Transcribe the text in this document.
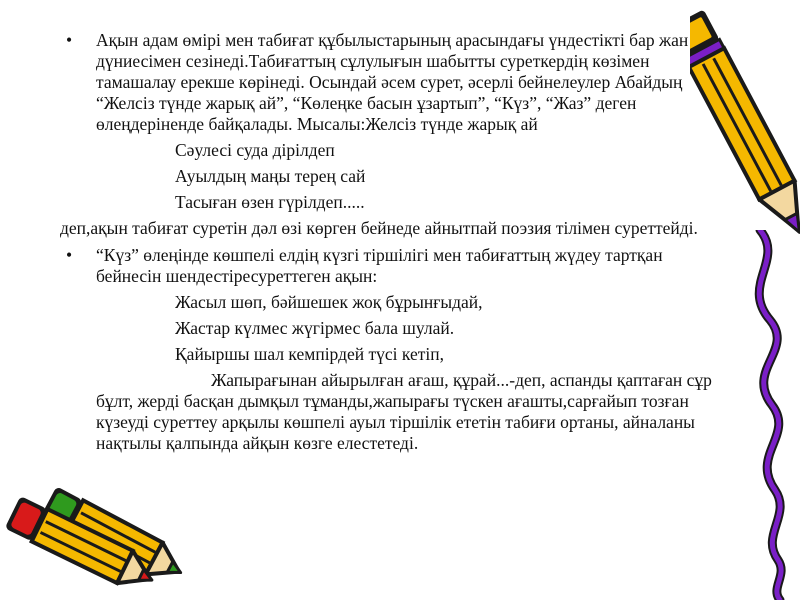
• Ақын адам өмірі мен табиғат құбылыстарының арасындағы үндестікті бар жан дүниесімен сезінеді.Табиғаттың сұлулығын шабытты суреткердің көзімен тамашалау ерекше көрінеді. Осындай әсем сурет, әсерлі бейнелеулер Абайдың “Желсіз түнде жарық ай”, “Көлеңке басын ұзартып”, “Күз”, “Жаз” деген өлеңдеріненде байқалады. Мысалы:Желсіз түнде жарық ай

Сәулесі суда дірілдеп

Ауылдың маңы терең сай

Тасыған өзен гүрілдеп.....

деп,ақын табиғат суретін дәл өзі көрген бейнеде айнытпай поэзия тілімен суреттейді.

• “Күз” өлеңінде көшпелі елдің күзгі тіршілігі мен табиғаттың жүдеу тартқан бейнесін шендестіресуреттеген ақын:

Жасыл шөп, бәйшешек жоқ бұрынғыдай,

Жастар күлмес жүгірмес бала шулай.

Қайыршы шал кемпірдей түсі кетіп,

Жапырағынан айырылған ағаш, құрай...-деп, аспанды қаптаған сұр бұлт, жерді басқан дымқыл тұманды,жапырағы түскен ағашты,сарғайып тозған күзеуді суреттеу арқылы көшпелі ауыл тіршілік ететін табиғи ортаны, айналаны нақтылы қалпында айқын көзге елестетеді.
